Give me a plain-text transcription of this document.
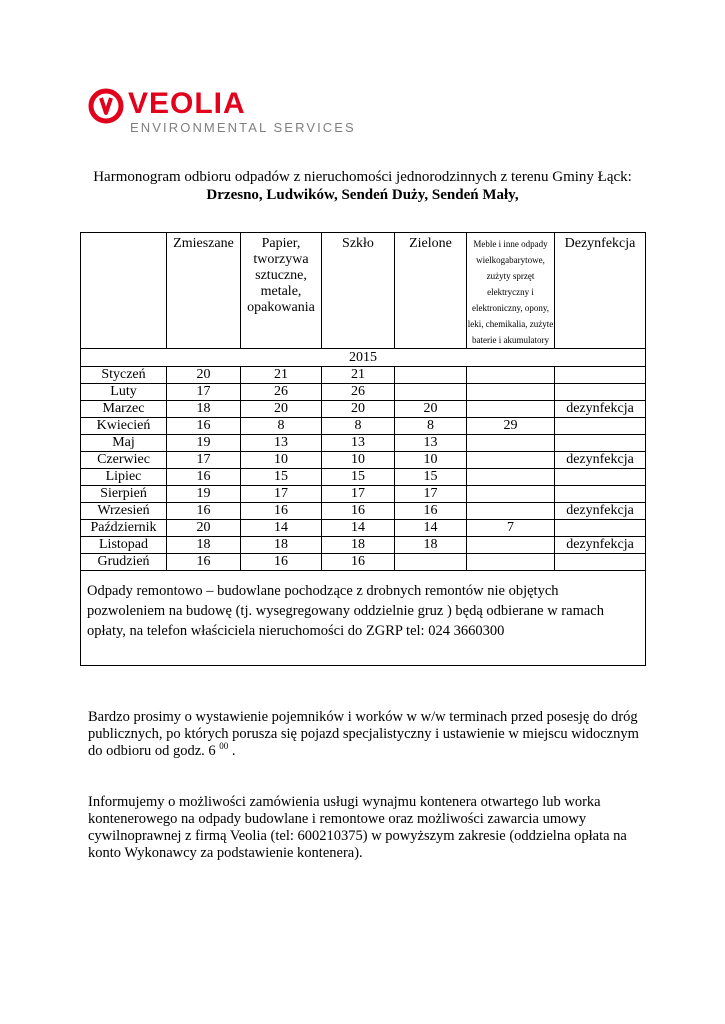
VEOLIA
ENVIRONMENTAL SERVICES
Harmonogram odbioru odpadów z nieruchomości jednorodzinnych z terenu Gminy Łąck:
Drzesno, Ludwików, Sendeń Duży, Sendeń Mały,
	Zmieszane	Papier, tworzywa sztuczne, metale, opakowania	Szkło	Zielone	Meble i inne odpady wielkogabarytowe, zużyty sprzęt elektryczny i elektroniczny, opony, leki, chemikalia, zużyte baterie i akumulatory	Dezynfekcja
2015						
Styczeń	20	21	21			
Luty	17	26	26			
Marzec	18	20	20	20		dezynfekcja
Kwiecień	16	8	8	8	29	
Maj	19	13	13	13		
Czerwiec	17	10	10	10		dezynfekcja
Lipiec	16	15	15	15		
Sierpień	19	17	17	17		
Wrzesień	16	16	16	16		dezynfekcja
Październik	20	14	14	14	7	
Listopad	18	18	18	18		dezynfekcja
Grudzień	16	16	16			
Odpady remontowo – budowlane pochodzące z drobnych remontów nie objętych pozwoleniem na budowę (tj. wysegregowany oddzielnie gruz ) będą odbierane w ramach opłaty, na telefon właściciela nieruchomości do ZGRP tel: 024 3660300						
Bardzo prosimy o wystawienie pojemników i worków w w/w terminach przed posesję do dróg publicznych, po których porusza się pojazd specjalistyczny i ustawienie w miejscu widocznym do odbioru od godz. 6 $^{00}$ .
Informujemy o możliwości zamówienia usługi wynajmu kontenera otwartego lub worka kontenerowego na odpady budowlane i remontowe oraz możliwości zawarcia umowy cywilnoprawnej z firmą Veolia (tel: 600210375) w powyższym zakresie (oddzielna opłata na konto Wykonawcy za podstawienie kontenera).
